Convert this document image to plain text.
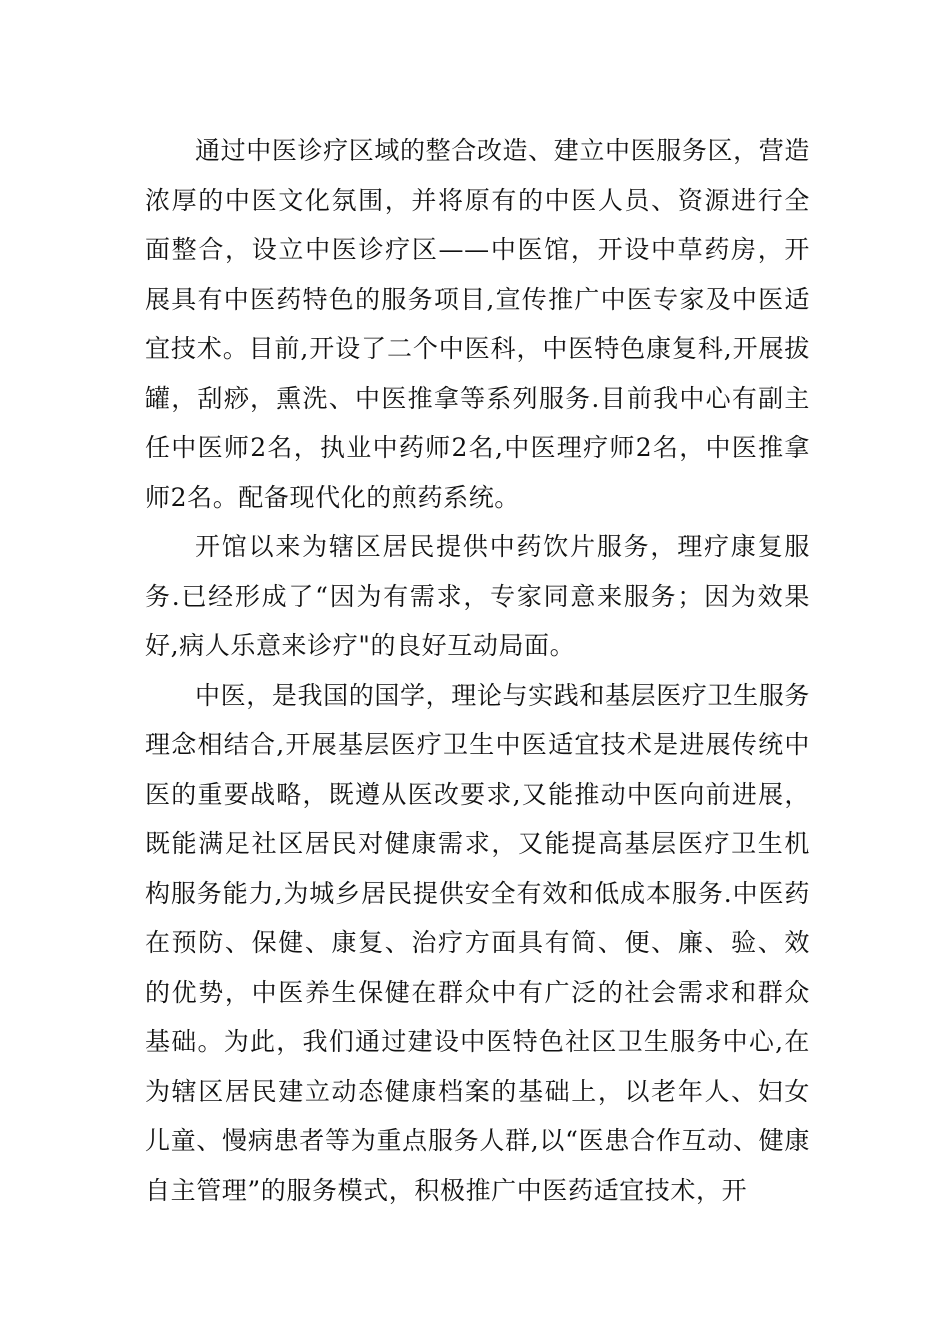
通过中医诊疗区域的整合改造、建立中医服务区，营造浓厚的中医文化氛围，并将原有的中医人员、资源进行全面整合，设立中医诊疗区——中医馆，开设中草药房，开展具有中医药特色的服务项目,宣传推广中医专家及中医适宜技术。目前,开设了二个中医科，中医特色康复科,开展拔罐，刮痧，熏洗、中医推拿等系列服务.目前我中心有副主任中医师2名，执业中药师2名,中医理疗师2名，中医推拿师2名。配备现代化的煎药系统。

开馆以来为辖区居民提供中药饮片服务，理疗康复服务.已经形成了“因为有需求，专家同意来服务；因为效果好,病人乐意来诊疗"的良好互动局面。

中医，是我国的国学，理论与实践和基层医疗卫生服务理念相结合,开展基层医疗卫生中医适宜技术是进展传统中医的重要战略，既遵从医改要求,又能推动中医向前进展，既能满足社区居民对健康需求，又能提高基层医疗卫生机构服务能力,为城乡居民提供安全有效和低成本服务.中医药在预防、保健、康复、治疗方面具有简、便、廉、验、效的优势，中医养生保健在群众中有广泛的社会需求和群众基础。为此，我们通过建设中医特色社区卫生服务中心,在为辖区居民建立动态健康档案的基础上，以老年人、妇女儿童、慢病患者等为重点服务人群,以“医患合作互动、健康自主管理”的服务模式，积极推广中医药适宜技术，开
